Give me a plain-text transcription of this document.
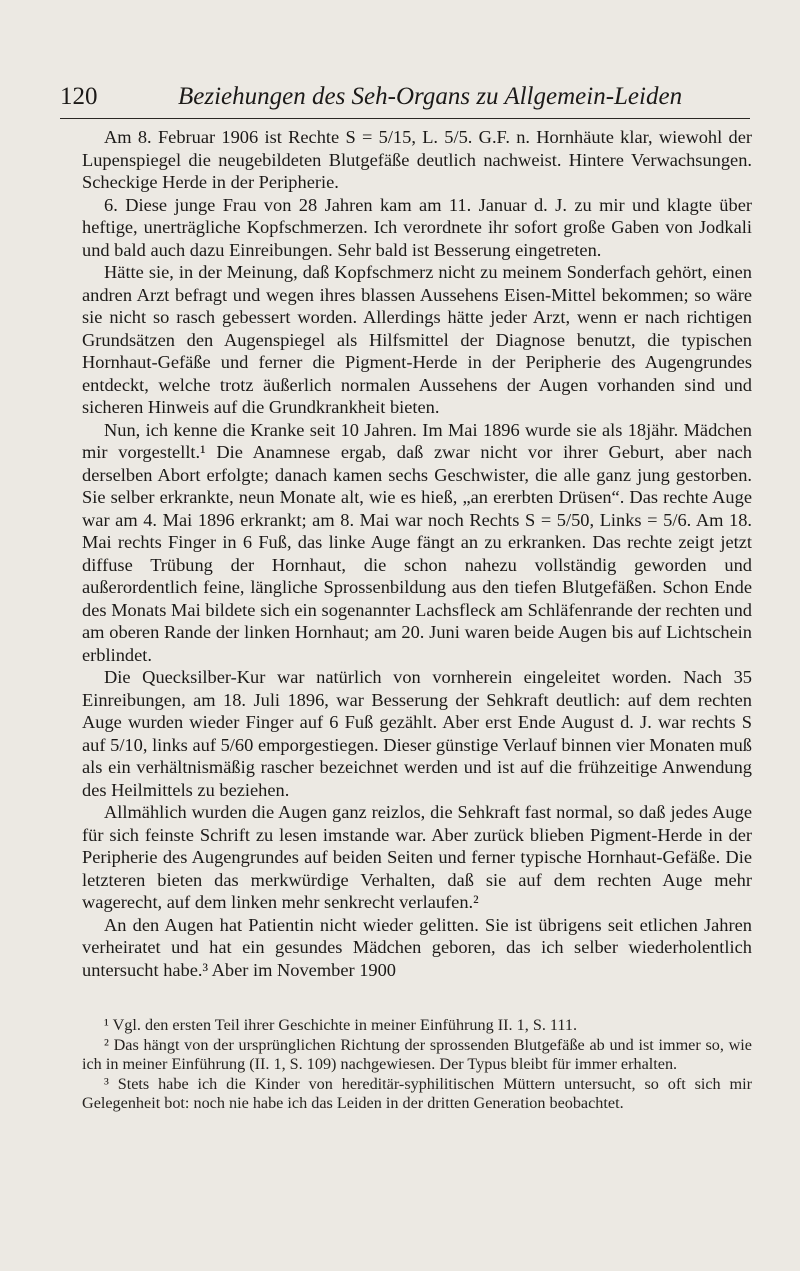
120	Beziehungen des Seh-Organs zu Allgemein-Leiden

Am 8. Februar 1906 ist Rechte S = 5/15, L. 5/5. G.F. n. Hornhäute klar, wiewohl der Lupenspiegel die neugebildeten Blutgefäße deutlich nachweist. Hintere Verwachsungen. Scheckige Herde in der Peripherie.

6. Diese junge Frau von 28 Jahren kam am 11. Januar d. J. zu mir und klagte über heftige, unerträgliche Kopfschmerzen. Ich verordnete ihr sofort große Gaben von Jodkali und bald auch dazu Einreibungen. Sehr bald ist Besserung eingetreten.

Hätte sie, in der Meinung, daß Kopfschmerz nicht zu meinem Sonderfach gehört, einen andren Arzt befragt und wegen ihres blassen Aussehens Eisen-Mittel bekommen; so wäre sie nicht so rasch gebessert worden. Allerdings hätte jeder Arzt, wenn er nach richtigen Grundsätzen den Augenspiegel als Hilfsmittel der Diagnose benutzt, die typischen Hornhaut-Gefäße und ferner die Pigment-Herde in der Peripherie des Augengrundes entdeckt, welche trotz äußerlich normalen Aussehens der Augen vorhanden sind und sicheren Hinweis auf die Grundkrankheit bieten.

Nun, ich kenne die Kranke seit 10 Jahren. Im Mai 1896 wurde sie als 18jähr. Mädchen mir vorgestellt.¹ Die Anamnese ergab, daß zwar nicht vor ihrer Geburt, aber nach derselben Abort erfolgte; danach kamen sechs Geschwister, die alle ganz jung gestorben. Sie selber erkrankte, neun Monate alt, wie es hieß, „an ererbten Drüsen“. Das rechte Auge war am 4. Mai 1896 erkrankt; am 8. Mai war noch Rechts S = 5/50, Links = 5/6. Am 18. Mai rechts Finger in 6 Fuß, das linke Auge fängt an zu erkranken. Das rechte zeigt jetzt diffuse Trübung der Hornhaut, die schon nahezu vollständig geworden und außerordentlich feine, längliche Sprossenbildung aus den tiefen Blutgefäßen. Schon Ende des Monats Mai bildete sich ein sogenannter Lachsfleck am Schläfenrande der rechten und am oberen Rande der linken Hornhaut; am 20. Juni waren beide Augen bis auf Lichtschein erblindet.

Die Quecksilber-Kur war natürlich von vornherein eingeleitet worden. Nach 35 Einreibungen, am 18. Juli 1896, war Besserung der Sehkraft deutlich: auf dem rechten Auge wurden wieder Finger auf 6 Fuß gezählt. Aber erst Ende August d. J. war rechts S auf 5/10, links auf 5/60 emporgestiegen. Dieser günstige Verlauf binnen vier Monaten muß als ein verhältnismäßig rascher bezeichnet werden und ist auf die frühzeitige Anwendung des Heilmittels zu beziehen.

Allmählich wurden die Augen ganz reizlos, die Sehkraft fast normal, so daß jedes Auge für sich feinste Schrift zu lesen imstande war. Aber zurück blieben Pigment-Herde in der Peripherie des Augengrundes auf beiden Seiten und ferner typische Hornhaut-Gefäße. Die letzteren bieten das merkwürdige Verhalten, daß sie auf dem rechten Auge mehr wagerecht, auf dem linken mehr senkrecht verlaufen.²

An den Augen hat Patientin nicht wieder gelitten. Sie ist übrigens seit etlichen Jahren verheiratet und hat ein gesundes Mädchen geboren, das ich selber wiederholentlich untersucht habe.³ Aber im November 1900

¹ Vgl. den ersten Teil ihrer Geschichte in meiner Einführung II. 1, S. 111.

² Das hängt von der ursprünglichen Richtung der sprossenden Blutgefäße ab und ist immer so, wie ich in meiner Einführung (II. 1, S. 109) nachgewiesen. Der Typus bleibt für immer erhalten.

³ Stets habe ich die Kinder von hereditär-syphilitischen Müttern untersucht, so oft sich mir Gelegenheit bot: noch nie habe ich das Leiden in der dritten Generation beobachtet.
